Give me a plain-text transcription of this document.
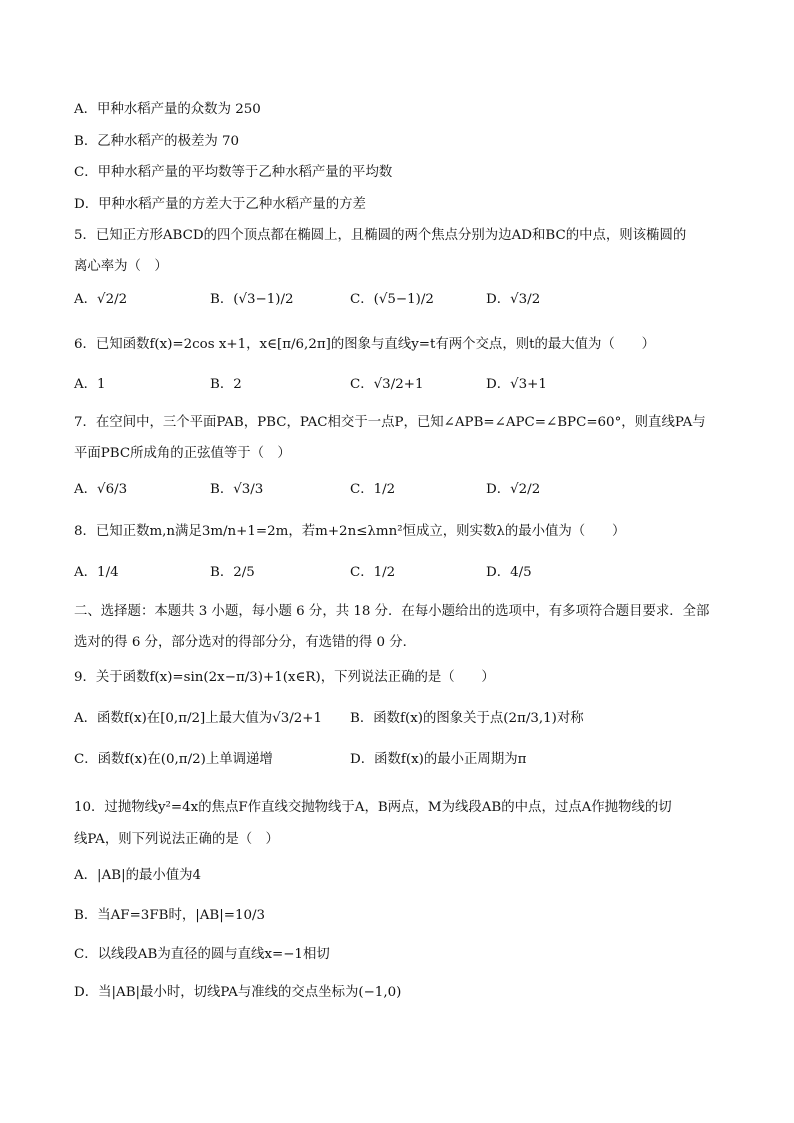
A．甲种水稻产量的众数为 250
B．乙种水稻产的极差为 70
C．甲种水稻产量的平均数等于乙种水稻产量的平均数
D．甲种水稻产量的方差大于乙种水稻产量的方差
5．已知正方形ABCD的四个顶点都在椭圆上，且椭圆的两个焦点分别为边AD和BC的中点，则该椭圆的
离心率为（　）
A．√2/2	B．(√3−1)/2	C．(√5−1)/2	D．√3/2
6．已知函数f(x)=2cos x+1，x∈[π/6,2π]的图象与直线y=t有两个交点，则t的最大值为（　　）
A．1	B．2	C．√3/2+1	D．√3+1
7．在空间中，三个平面PAB，PBC，PAC相交于一点P，已知∠APB=∠APC=∠BPC=60°，则直线PA与
平面PBC所成角的正弦值等于（　）
A．√6/3	B．√3/3	C．1/2	D．√2/2
8．已知正数m,n满足3m/n+1=2m，若m+2n≤λmn²恒成立，则实数λ的最小值为（　　）
A．1/4	B．2/5	C．1/2	D．4/5
二、选择题：本题共 3 小题，每小题 6 分，共 18 分．在每小题给出的选项中，有多项符合题目要求．全部
选对的得 6 分，部分选对的得部分分，有选错的得 0 分．
9．关于函数f(x)=sin(2x−π/3)+1(x∈R)，下列说法正确的是（　　）
A．函数f(x)在[0,π/2]上最大值为√3/2+1 B．函数f(x)的图象关于点(2π/3,1)对称
C．函数f(x)在(0,π/2)上单调递增	D．函数f(x)的最小正周期为π
10．过抛物线y²=4x的焦点F作直线交抛物线于A，B两点，M为线段AB的中点，过点A作抛物线的切
线PA，则下列说法正确的是（　）
A．|AB|的最小值为4
B．当AF=3FB时，|AB|=10/3
C．以线段AB为直径的圆与直线x=−1相切
D．当|AB|最小时，切线PA与准线的交点坐标为(−1,0)
